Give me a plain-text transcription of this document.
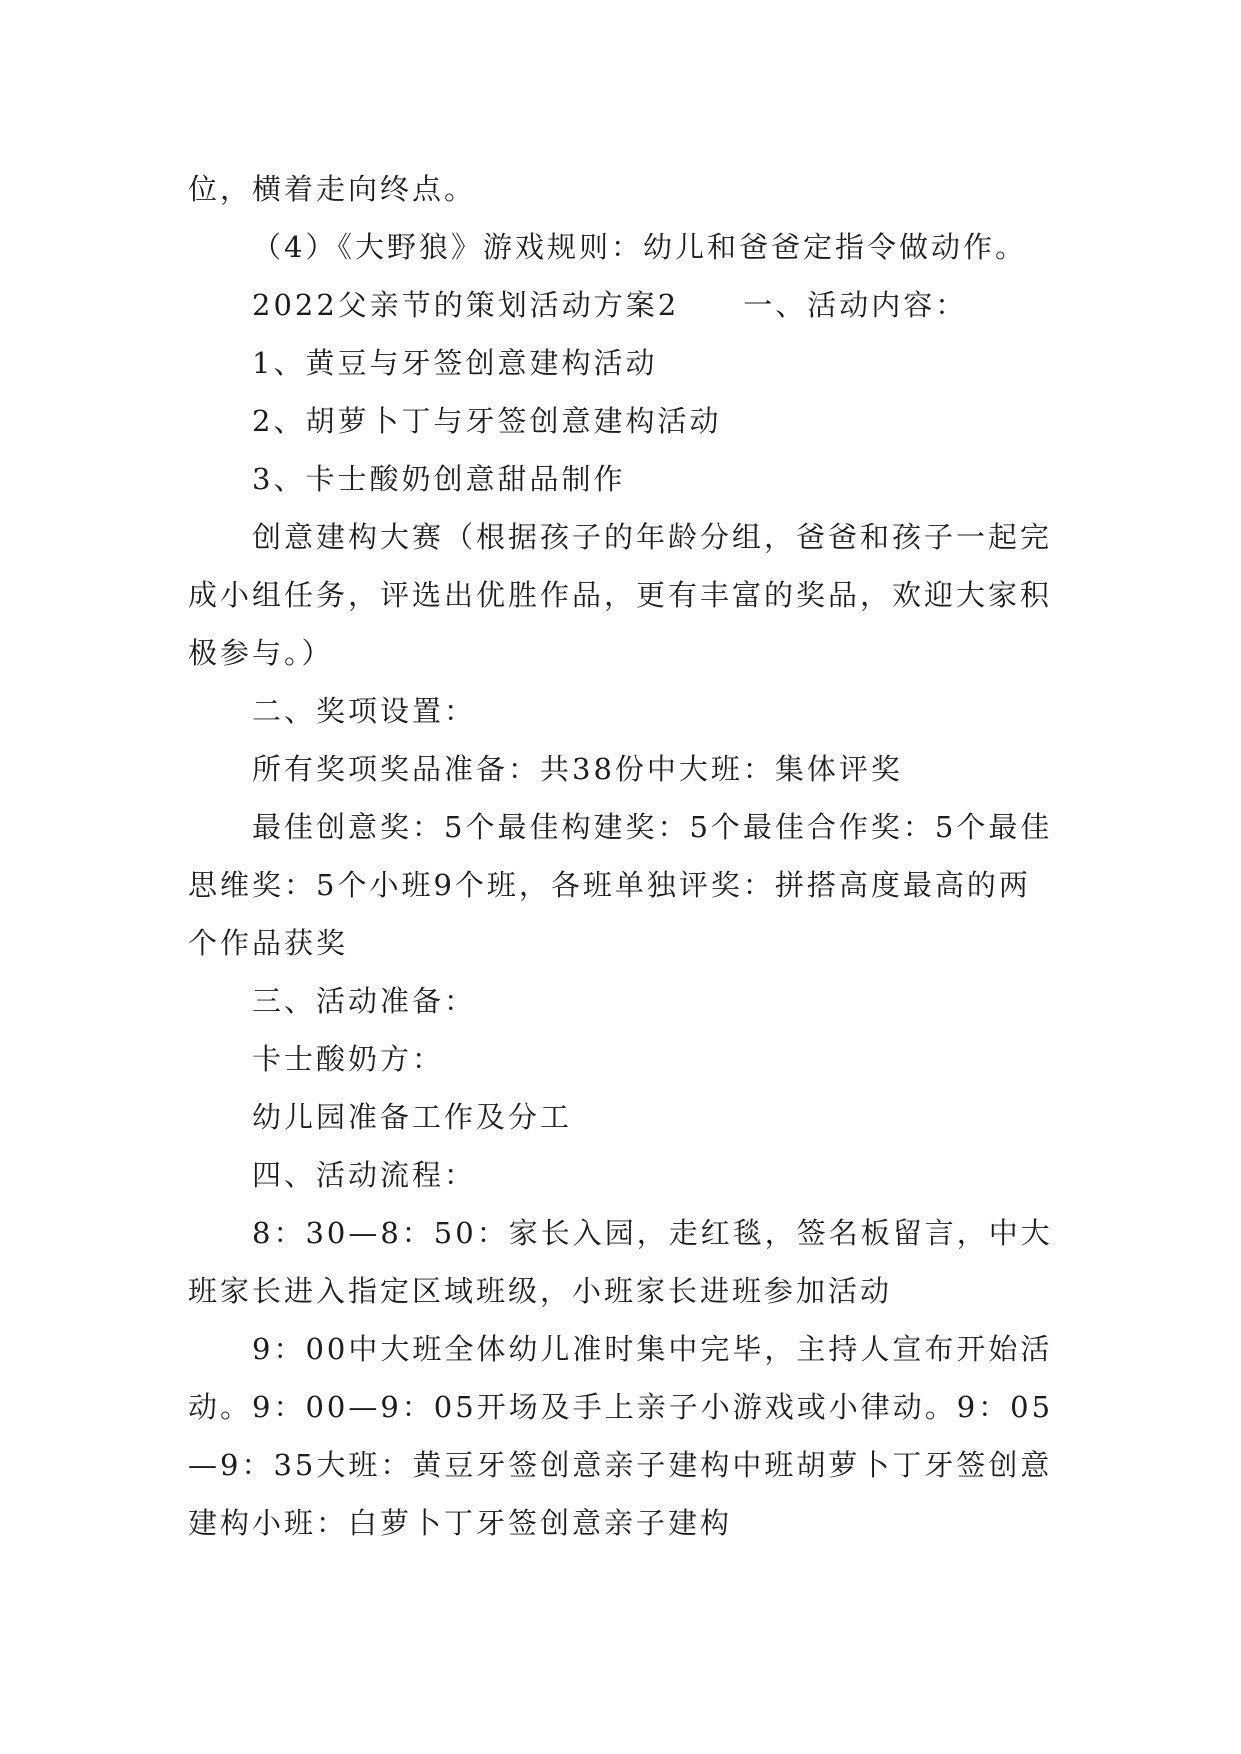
位，横着走向终点。

（4）《大野狼》游戏规则：幼儿和爸爸定指令做动作。

2022父亲节的策划活动方案2　　一、活动内容：

1、黄豆与牙签创意建构活动

2、胡萝卜丁与牙签创意建构活动

3、卡士酸奶创意甜品制作

创意建构大赛（根据孩子的年龄分组，爸爸和孩子一起完成小组任务，评选出优胜作品，更有丰富的奖品，欢迎大家积极参与。）

二、奖项设置：

所有奖项奖品准备：共38份中大班：集体评奖

最佳创意奖：5个最佳构建奖：5个最佳合作奖：5个最佳思维奖：5个小班9个班，各班单独评奖：拼搭高度最高的两个作品获奖

三、活动准备：

卡士酸奶方：

幼儿园准备工作及分工

四、活动流程：

8：30—8：50：家长入园，走红毯，签名板留言，中大班家长进入指定区域班级，小班家长进班参加活动

9：00中大班全体幼儿准时集中完毕，主持人宣布开始活动。9：00—9：05开场及手上亲子小游戏或小律动。9：05—9：35大班：黄豆牙签创意亲子建构中班胡萝卜丁牙签创意建构小班：白萝卜丁牙签创意亲子建构
